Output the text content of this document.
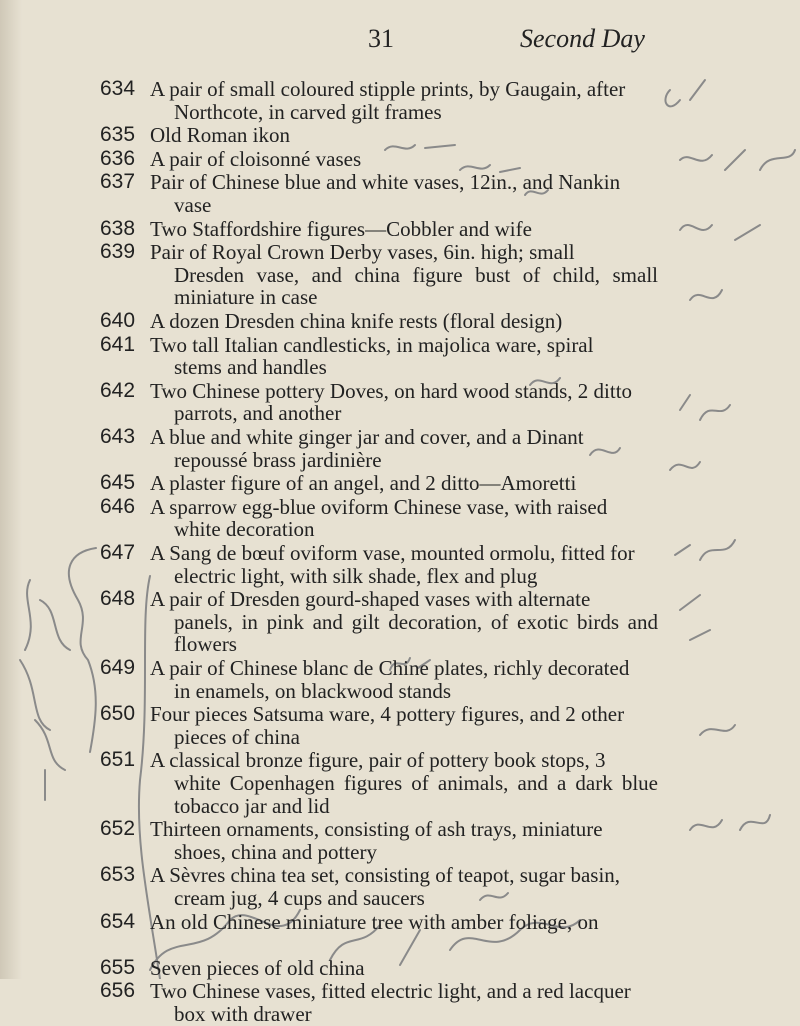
31	Second Day
634 A pair of small coloured stipple prints, by Gaugain, after
Northcote, in carved gilt frames
635 Old Roman ikon
636 A pair of cloisonné vases
637 Pair of Chinese blue and white vases, 12in., and Nankin
vase
638 Two Staffordshire figures—Cobbler and wife
639 Pair of Royal Crown Derby vases, 6in. high; small
Dresden vase, and china figure bust of child, small miniature in case
640 A dozen Dresden china knife rests (floral design)
641 Two tall Italian candlesticks, in majolica ware, spiral
stems and handles
642 Two Chinese pottery Doves, on hard wood stands, 2 ditto
parrots, and another
643 A blue and white ginger jar and cover, and a Dinant
repoussé brass jardinière
645 A plaster figure of an angel, and 2 ditto—Amoretti
646 A sparrow egg-blue oviform Chinese vase, with raised
white decoration
647 A Sang de bœuf oviform vase, mounted ormolu, fitted for
electric light, with silk shade, flex and plug
648 A pair of Dresden gourd-shaped vases with alternate
panels, in pink and gilt decoration, of exotic birds and flowers
649 A pair of Chinese blanc de Chine plates, richly decorated
in enamels, on blackwood stands
650 Four pieces Satsuma ware, 4 pottery figures, and 2 other
pieces of china
651 A classical bronze figure, pair of pottery book stops, 3
white Copenhagen figures of animals, and a dark blue tobacco jar and lid
652 Thirteen ornaments, consisting of ash trays, miniature
shoes, china and pottery
653 A Sèvres china tea set, consisting of teapot, sugar basin,
cream jug, 4 cups and saucers
654 An old Chinese miniature tree with amber foliage, on
655 Seven pieces of old china
656 Two Chinese vases, fitted electric light, and a red lacquer
box with drawer
